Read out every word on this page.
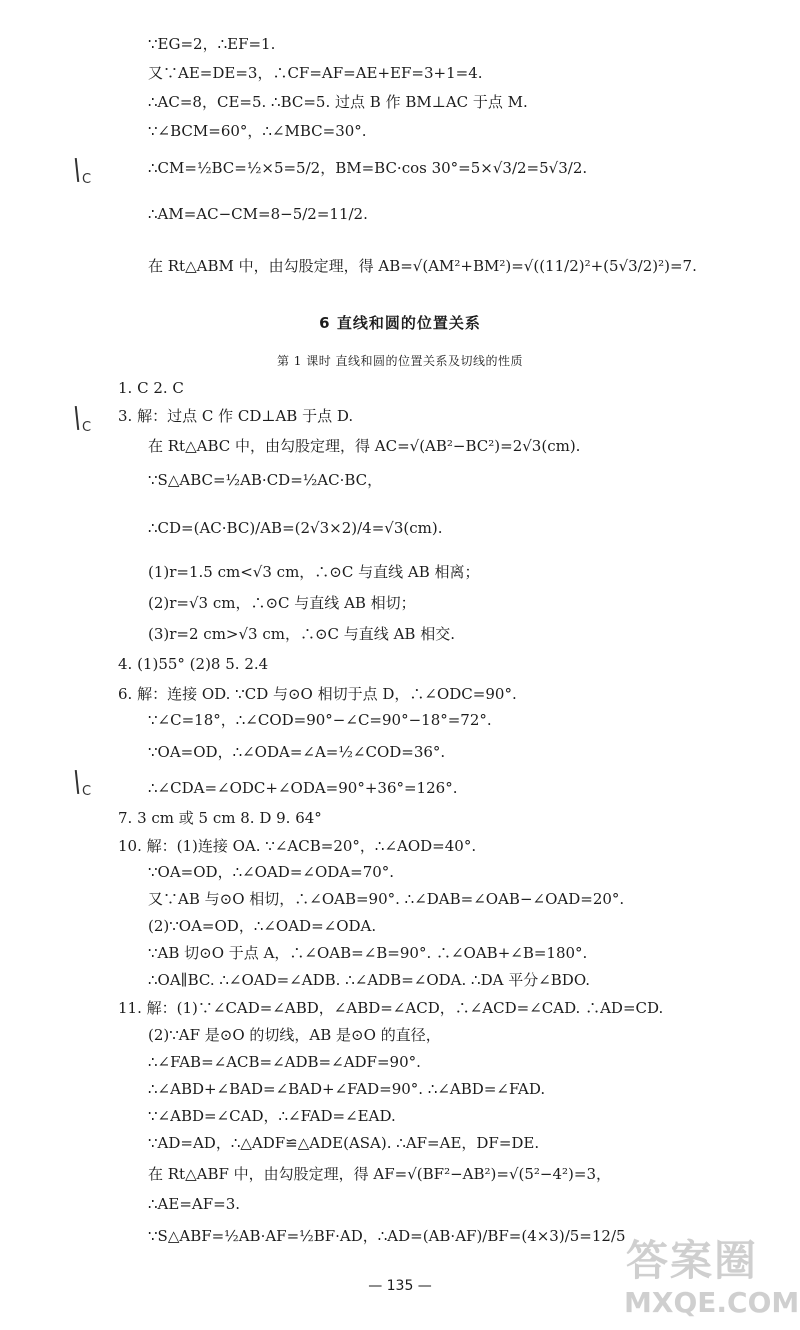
∵EG=2，∴EF=1.
又∵AE=DE=3，∴CF=AF=AE+EF=3+1=4.
∴AC=8，CE=5. ∴BC=5. 过点 B 作 BM⊥AC 于点 M.
∵∠BCM=60°，∴∠MBC=30°.
∴CM=½BC=½×5=5/2，BM=BC·cos 30°=5×√3/2=5√3/2.
∴AM=AC−CM=8−5/2=11/2.
在 Rt△ABM 中，由勾股定理，得 AB=√(AM²+BM²)=√((11/2)²+(5√3/2)²)=7.
6 直线和圆的位置关系
第 1 课时 直线和圆的位置关系及切线的性质
1. C 2. C
3. 解：过点 C 作 CD⊥AB 于点 D.
在 Rt△ABC 中，由勾股定理，得 AC=√(AB²−BC²)=2√3(cm).
∵S△ABC=½AB·CD=½AC·BC，
∴CD=(AC·BC)/AB=(2√3×2)/4=√3(cm).
(1)r=1.5 cm<√3 cm，∴⊙C 与直线 AB 相离；
(2)r=√3 cm，∴⊙C 与直线 AB 相切；
(3)r=2 cm>√3 cm，∴⊙C 与直线 AB 相交.
4. (1)55° (2)8 5. 2.4
6. 解：连接 OD. ∵CD 与⊙O 相切于点 D，∴∠ODC=90°.
∵∠C=18°，∴∠COD=90°−∠C=90°−18°=72°.
∵OA=OD，∴∠ODA=∠A=½∠COD=36°.
∴∠CDA=∠ODC+∠ODA=90°+36°=126°.
7. 3 cm 或 5 cm 8. D 9. 64°
10. 解：(1)连接 OA. ∵∠ACB=20°，∴∠AOD=40°.
∵OA=OD，∴∠OAD=∠ODA=70°.
又∵AB 与⊙O 相切，∴∠OAB=90°. ∴∠DAB=∠OAB−∠OAD=20°.
(2)∵OA=OD，∴∠OAD=∠ODA.
∵AB 切⊙O 于点 A，∴∠OAB=∠B=90°. ∴∠OAB+∠B=180°.
∴OA∥BC. ∴∠OAD=∠ADB. ∴∠ADB=∠ODA. ∴DA 平分∠BDO.
11. 解：(1)∵∠CAD=∠ABD，∠ABD=∠ACD，∴∠ACD=∠CAD. ∴AD=CD.
(2)∵AF 是⊙O 的切线，AB 是⊙O 的直径，
∴∠FAB=∠ACB=∠ADB=∠ADF=90°.
∴∠ABD+∠BAD=∠BAD+∠FAD=90°. ∴∠ABD=∠FAD.
∵∠ABD=∠CAD，∴∠FAD=∠EAD.
∵AD=AD，∴△ADF≌△ADE(ASA). ∴AF=AE，DF=DE.
在 Rt△ABF 中，由勾股定理，得 AF=√(BF²−AB²)=√(5²−4²)=3，
∴AE=AF=3.
∵S△ABF=½AB·AF=½BF·AD，∴AD=(AB·AF)/BF=(4×3)/5=12/5
C
C
C
— 135 —
答案圈
MXQE.COM
